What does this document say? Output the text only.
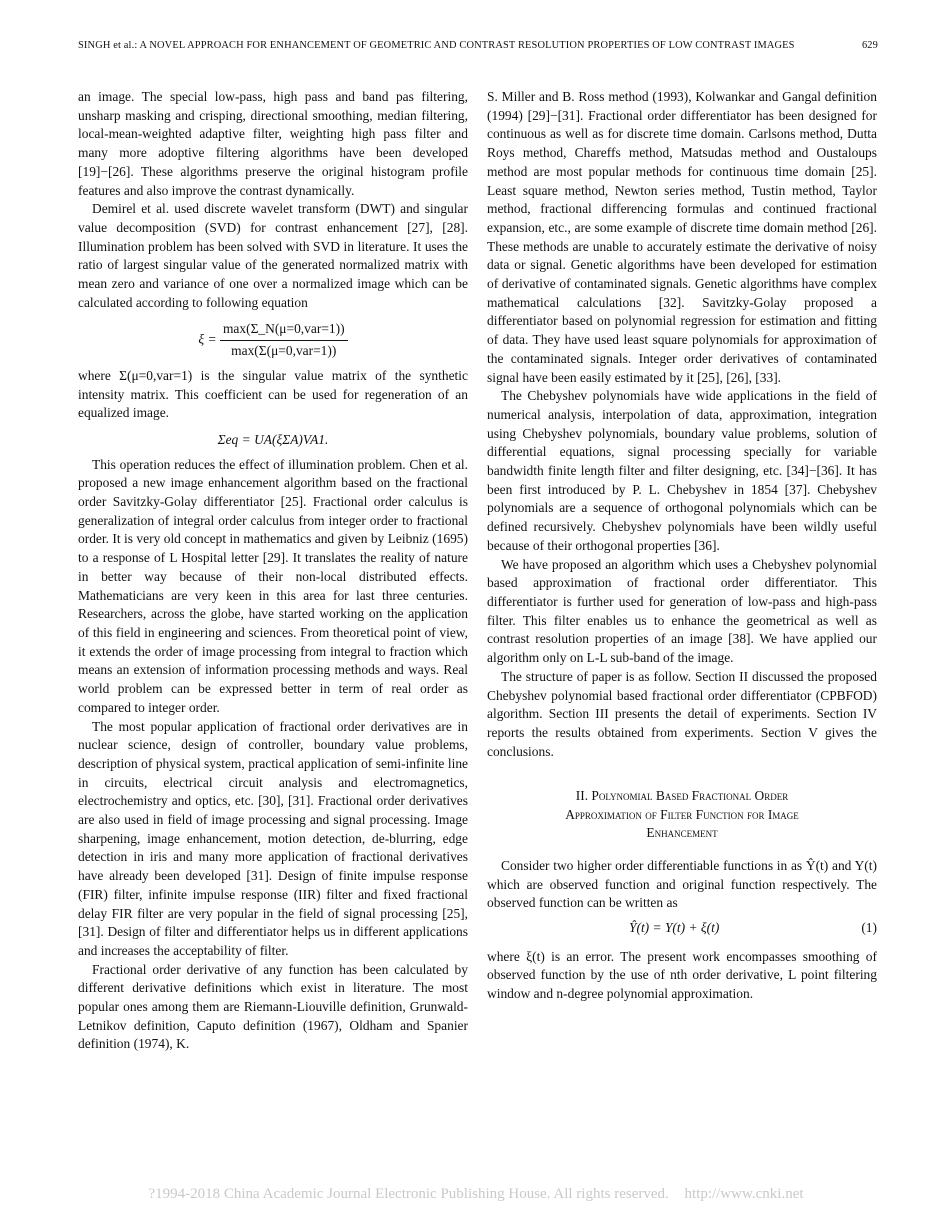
SINGH et al.: A NOVEL APPROACH FOR ENHANCEMENT OF GEOMETRIC AND CONTRAST RESOLUTION PROPERTIES OF LOW CONTRAST IMAGES	629

an image. The special low-pass, high pass and band pas filtering, unsharp masking and crisping, directional smoothing, median filtering, local-mean-weighted adaptive filter, weighting high pass filter and many more adoptive filtering algorithms have been developed [19]−[26]. These algorithms preserve the original histogram profile features and also improve the contrast dynamically.

Demirel et al. used discrete wavelet transform (DWT) and singular value decomposition (SVD) for contrast enhancement [27], [28]. Illumination problem has been solved with SVD in literature. It uses the ratio of largest singular value of the generated normalized matrix with mean zero and variance of one over a normalized image which can be calculated according to following equation

$\xi = \frac{\text{max(Σ\_N(μ=0,var=1))}}{\text{max(Σ(μ=0,var=1))}}$

where Σ(μ=0,var=1) is the singular value matrix of the synthetic intensity matrix. This coefficient can be used for regeneration of an equalized image.

Σeq = UA(ξΣA)VA1.

This operation reduces the effect of illumination problem. Chen et al. proposed a new image enhancement algorithm based on the fractional order Savitzky-Golay differentiator [25]. Fractional order calculus is generalization of integral order calculus from integer order to fractional order. It is very old concept in mathematics and given by Leibniz (1695) to a response of L Hospital letter [29]. It translates the reality of nature in better way because of their non-local distributed effects. Mathematicians are very keen in this area for last three centuries. Researchers, across the globe, have started working on the application of this field in engineering and sciences. From theoretical point of view, it extends the order of image processing from integral to fraction which means an extension of information processing methods and ways. Real world problem can be expressed better in term of real order as compared to integer order.

The most popular application of fractional order derivatives are in nuclear science, design of controller, boundary value problems, description of physical system, practical application of semi-infinite line in circuits, electrical circuit analysis and electromagnetics, electrochemistry and optics, etc. [30], [31]. Fractional order derivatives are also used in field of image processing and signal processing. Image sharpening, image enhancement, motion detection, de-blurring, edge detection in iris and many more application of fractional derivatives have already been developed [31]. Design of finite impulse response (FIR) filter, infinite impulse response (IIR) filter and fixed fractional delay FIR filter are very popular in the field of signal processing [25], [31]. Design of filter and differentiator helps us in different applications and increases the acceptability of filter.

Fractional order derivative of any function has been calculated by different derivative definitions which exist in literature. The most popular ones among them are Riemann-Liouville definition, Grunwald-Letnikov definition, Caputo definition (1967), Oldham and Spanier definition (1974), K.

S. Miller and B. Ross method (1993), Kolwankar and Gangal definition (1994) [29]−[31]. Fractional order differentiator has been designed for continuous as well as for discrete time domain. Carlsons method, Dutta Roys method, Chareffs method, Matsudas method and Oustaloups method are most popular methods for continuous time domain [25]. Least square method, Newton series method, Tustin method, Taylor method, fractional differencing formulas and continued fractional expansion, etc., are some example of discrete time domain method [26]. These methods are unable to accurately estimate the derivative of noisy data or signal. Genetic algorithms have been developed for estimation of derivative of contaminated signals. Genetic algorithms have complex mathematical calculations [32]. Savitzky-Golay proposed a differentiator based on polynomial regression for estimation and fitting of data. They have used least square polynomials for approximation of the contaminated signals. Integer order derivatives of contaminated signal have been easily estimated by it [25], [26], [33].

The Chebyshev polynomials have wide applications in the field of numerical analysis, interpolation of data, approximation, integration using Chebyshev polynomials, boundary value problems, solution of differential equations, signal processing specially for variable bandwidth finite length filter and filter designing, etc. [34]−[36]. It has been first introduced by P. L. Chebyshev in 1854 [37]. Chebyshev polynomials are a sequence of orthogonal polynomials which can be defined recursively. Chebyshev polynomials have been wildly useful because of their orthogonal properties [36].

We have proposed an algorithm which uses a Chebyshev polynomial based approximation of fractional order differentiator. This differentiator is further used for generation of low-pass and high-pass filter. This filter enables us to enhance the geometrical as well as contrast resolution properties of an image [38]. We have applied our algorithm only on L-L sub-band of the image.

The structure of paper is as follow. Section II discussed the proposed Chebyshev polynomial based fractional order differentiator (CPBFOD) algorithm. Section III presents the detail of experiments. Section IV reports the results obtained from experiments. Section V gives the conclusions.

II. Polynomial Based Fractional Order
Approximation of Filter Function for Image
Enhancement

Consider two higher order differentiable functions in as Ŷ(t) and Y(t) which are observed function and original function respectively. The observed function can be written as

Ŷ(t) = Y(t) + ξ(t)	(1)

where ξ(t) is an error. The present work encompasses smoothing of observed function by the use of nth order derivative, L point filtering window and n-degree polynomial approximation.

?1994-2018 China Academic Journal Electronic Publishing House. All rights reserved. http://www.cnki.net
